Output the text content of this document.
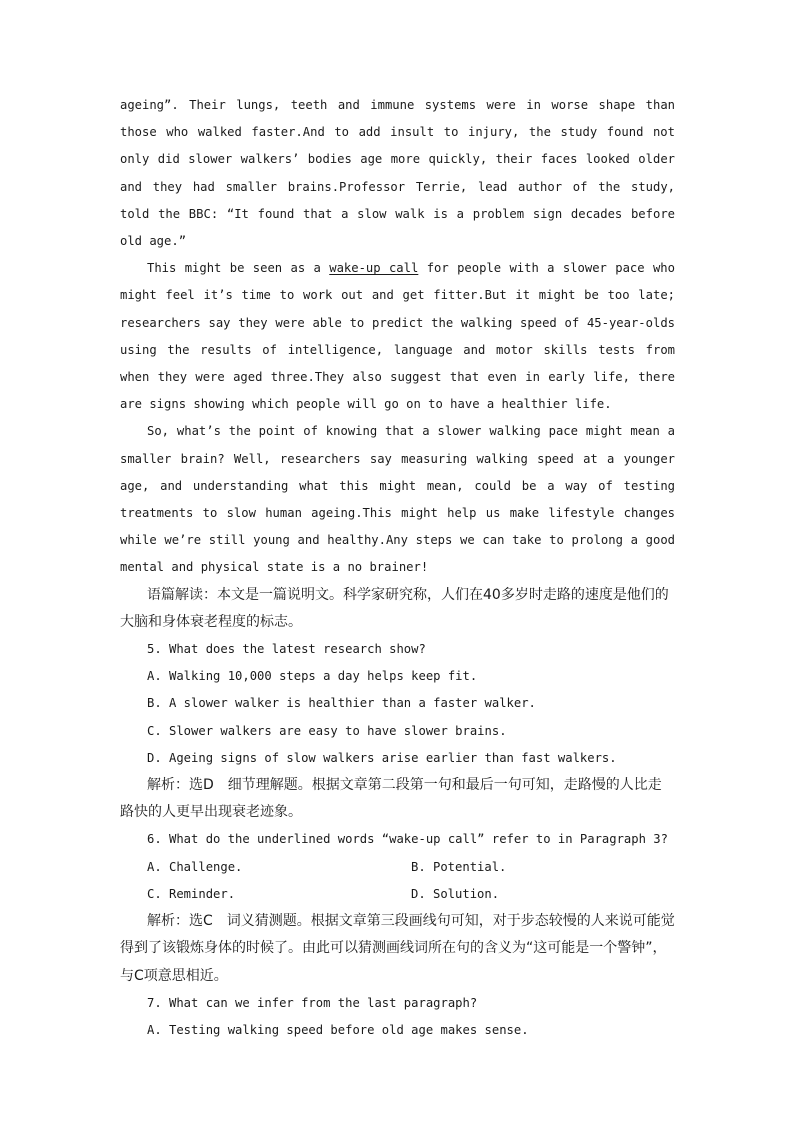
ageing”. Their lungs, teeth and immune systems were in worse shape than those who walked faster.And to add insult to injury, the study found not only did slower walkers’ bodies age more quickly, their faces looked older and they had smaller brains.Professor Terrie, lead author of the study, told the BBC: “It found that a slow walk is a problem sign decades before old age.”

This might be seen as a wake-up call for people with a slower pace who might feel it’s time to work out and get fitter.But it might be too late; researchers say they were able to predict the walking speed of 45-year-olds using the results of intelligence, language and motor skills tests from when they were aged three.They also suggest that even in early life, there are signs showing which people will go on to have a healthier life.

So, what’s the point of knowing that a slower walking pace might mean a smaller brain? Well, researchers say measuring walking speed at a younger age, and understanding what this might mean, could be a way of testing treatments to slow human ageing.This might help us make lifestyle changes while we’re still young and healthy.Any steps we can take to prolong a good mental and physical state is a no brainer!

语篇解读：本文是一篇说明文。科学家研究称，人们在40多岁时走路的速度是他们的大脑和身体衰老程度的标志。

5. What does the latest research show?

A. Walking 10,000 steps a day helps keep fit.

B. A slower walker is healthier than a faster walker.

C. Slower walkers are easy to have slower brains.

D. Ageing signs of slow walkers arise earlier than fast walkers.

解析：选D　细节理解题。根据文章第二段第一句和最后一句可知，走路慢的人比走路快的人更早出现衰老迹象。

6. What do the underlined words “wake-up call” refer to in Paragraph 3?

A. Challenge.	B. Potential.
C. Reminder.	D. Solution.

解析：选C　词义猜测题。根据文章第三段画线句可知，对于步态较慢的人来说可能觉得到了该锻炼身体的时候了。由此可以猜测画线词所在句的含义为“这可能是一个警钟”，与C项意思相近。

7. What can we infer from the last paragraph?

A. Testing walking speed before old age makes sense.
